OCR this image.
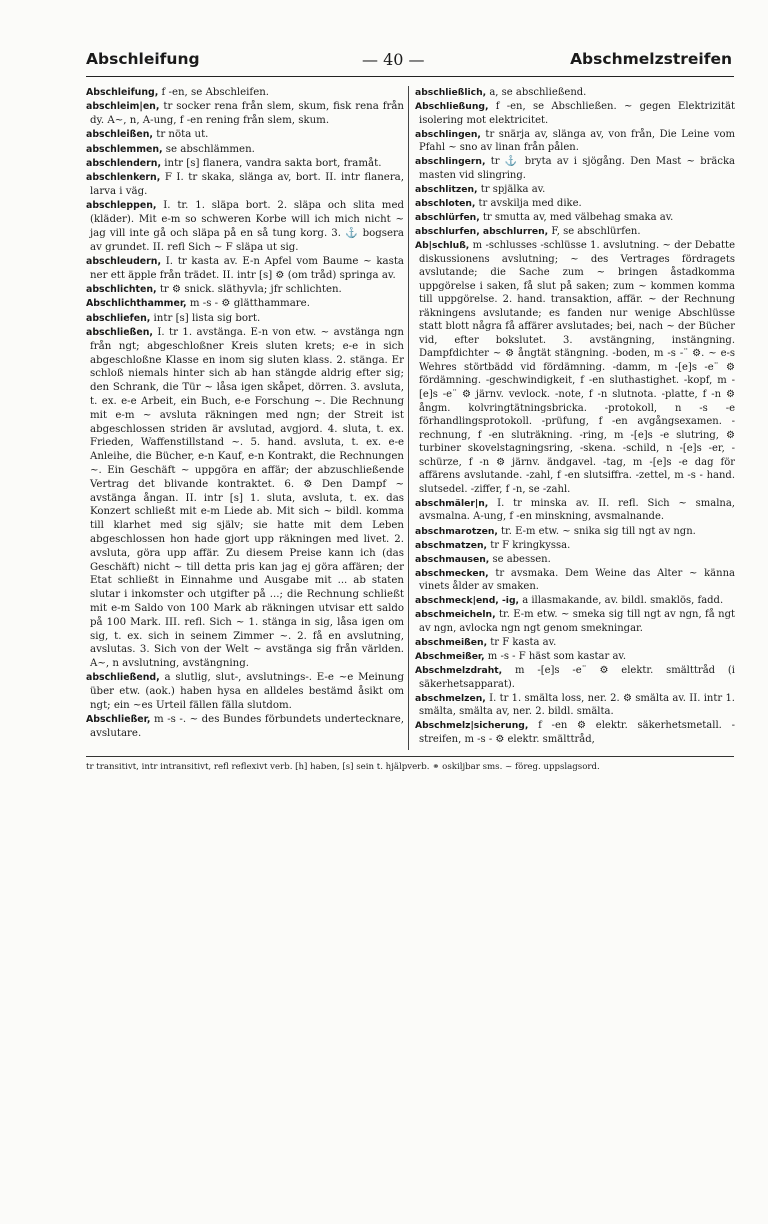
Abschleifung	— 40 —	Abschmelzstreifen
Abschleifung, f -en, se Abschleifen.
abschleim|en, tr socker rena från slem, skum, fisk rena från dy. A~, n, A-ung, f -en rening från slem, skum.
abschleißen, tr nöta ut.
abschlemmen, se abschlämmen.
abschlendern, intr [s] flanera, vandra sakta bort, framåt.
abschlenkern, F I. tr skaka, slänga av, bort. II. intr flanera, larva i väg.
abschleppen, I. tr. 1. släpa bort. 2. släpa och slita med (kläder). Mit e-m so schweren Korbe will ich mich nicht ~ jag vill inte gå och släpa på en så tung korg. 3. ⚓ bogsera av grundet. II. refl Sich ~ F släpa ut sig.
abschleudern, I. tr kasta av. E-n Apfel vom Baume ~ kasta ner ett äpple från trädet. II. intr [s] ⚙ (om tråd) springa av.
abschlichten, tr ⚙ snick. släthyvla; jfr schlichten.
Abschlichthammer, m -s - ⚙ glätthammare.
abschliefen, intr [s] lista sig bort.
abschließen, I. tr 1. avstänga. E-n von etw. ~ avstänga ngn från ngt; abgeschloßner Kreis sluten krets; e-e in sich abgeschloßne Klasse en inom sig sluten klass. 2. stänga. Er schloß niemals hinter sich ab han stängde aldrig efter sig; den Schrank, die Tür ~ låsa igen skåpet, dörren. 3. avsluta, t. ex. e-e Arbeit, ein Buch, e-e Forschung ~. Die Rechnung mit e-m ~ avsluta räkningen med ngn; der Streit ist abgeschlossen striden är avslutad, avgjord. 4. sluta, t. ex. Frieden, Waffenstillstand ~. 5. hand. avsluta, t. ex. e-e Anleihe, die Bücher, e-n Kauf, e-n Kontrakt, die Rechnungen ~. Ein Geschäft ~ uppgöra en affär; der abzuschließende Vertrag det blivande kontraktet. 6. ⚙ Den Dampf ~ avstänga ångan. II. intr [s] 1. sluta, avsluta, t. ex. das Konzert schließt mit e-m Liede ab. Mit sich ~ bildl. komma till klarhet med sig själv; sie hatte mit dem Leben abgeschlossen hon hade gjort upp räkningen med livet. 2. avsluta, göra upp affär. Zu diesem Preise kann ich (das Geschäft) nicht ~ till detta pris kan jag ej göra affären; der Etat schließt in Einnahme und Ausgabe mit ... ab staten slutar i inkomster och utgifter på ...; die Rechnung schließt mit e-m Saldo von 100 Mark ab räkningen utvisar ett saldo på 100 Mark. III. refl. Sich ~ 1. stänga in sig, låsa igen om sig, t. ex. sich in seinem Zimmer ~. 2. få en avslutning, avslutas. 3. Sich von der Welt ~ avstänga sig från världen. A~, n avslutning, avstängning.
abschließend, a slutlig, slut-, avslutnings-. E-e ~e Meinung über etw. (aok.) haben hysa en alldeles bestämd åsikt om ngt; ein ~es Urteil fällen fälla slutdom.
Abschließer, m -s -. ~ des Bundes förbundets undertecknare, avslutare.
abschließlich, a, se abschließend.
Abschließung, f -en, se Abschließen. ~ gegen Elektrizität isolering mot elektricitet.
abschlingen, tr snärja av, slänga av, von från, Die Leine vom Pfahl ~ sno av linan från pålen.
abschlingern, tr ⚓ bryta av i sjögång. Den Mast ~ bräcka masten vid slingring.
abschlitzen, tr spjälka av.
abschloten, tr avskilja med dike.
abschlürfen, tr smutta av, med välbehag smaka av.
abschlurfen, abschlurren, F, se abschlürfen.
Ab|schluß, m -schlusses -schlüsse 1. avslutning. ~ der Debatte diskussionens avslutning; ~ des Vertrages fördragets avslutande; die Sache zum ~ bringen åstadkomma uppgörelse i saken, få slut på saken; zum ~ kommen komma till uppgörelse. 2. hand. transaktion, affär. ~ der Rechnung räkningens avslutande; es fanden nur wenige Abschlüsse statt blott några få affärer avslutades; bei, nach ~ der Bücher vid, efter bokslutet. 3. avstängning, instängning. Dampfdichter ~ ⚙ ångtät stängning. -boden, m -s -¨ ⚙. ~ e-s Wehres störtbädd vid fördämning. -damm, m -[e]s -e¨ ⚙ fördämning. -geschwindigkeit, f -en sluthastighet. -kopf, m -[e]s -e¨ ⚙ järnv. vevlock. -note, f -n slutnota. -platte, f -n ⚙ ångm. kolvringtätningsbricka. -protokoll, n -s -e förhandlingsprotokoll. -prüfung, f -en avgångsexamen. -rechnung, f -en sluträkning. -ring, m -[e]s -e slutring, ⚙ turbiner skovelstagningsring, -skena. -schild, n -[e]s -er, -schürze, f -n ⚙ järnv. ändgavel. -tag, m -[e]s -e dag för affärens avslutande. -zahl, f -en slutsiffra. -zettel, m -s - hand. slutsedel. -ziffer, f -n, se -zahl.
abschmäler|n, I. tr minska av. II. refl. Sich ~ smalna, avsmalna. A-ung, f -en minskning, avsmalnande.
abschmarotzen, tr. E-m etw. ~ snika sig till ngt av ngn.
abschmatzen, tr F kringkyssa.
abschmausen, se abessen.
abschmecken, tr avsmaka. Dem Weine das Alter ~ känna vinets ålder av smaken.
abschmeck|end, -ig, a illasmakande, av. bildl. smaklös, fadd.
abschmeicheln, tr. E-m etw. ~ smeka sig till ngt av ngn, få ngt av ngn, avlocka ngn ngt genom smekningar.
abschmeißen, tr F kasta av.
Abschmeißer, m -s - F häst som kastar av.
Abschmelzdraht, m -[e]s -e¨ ⚙ elektr. smälttråd (i säkerhetsapparat).
abschmelzen, I. tr 1. smälta loss, ner. 2. ⚙ smälta av. II. intr 1. smälta, smälta av, ner. 2. bildl. smälta.
Abschmelz|sicherung, f -en ⚙ elektr. säkerhetsmetall. -streifen, m -s - ⚙ elektr. smälttråd,
tr transitivt, intr intransitivt, refl reflexivt verb. [h] haben, [s] sein t. hjälpverb. ⚭ oskiljbar sms. ~ föreg. uppslagsord.
